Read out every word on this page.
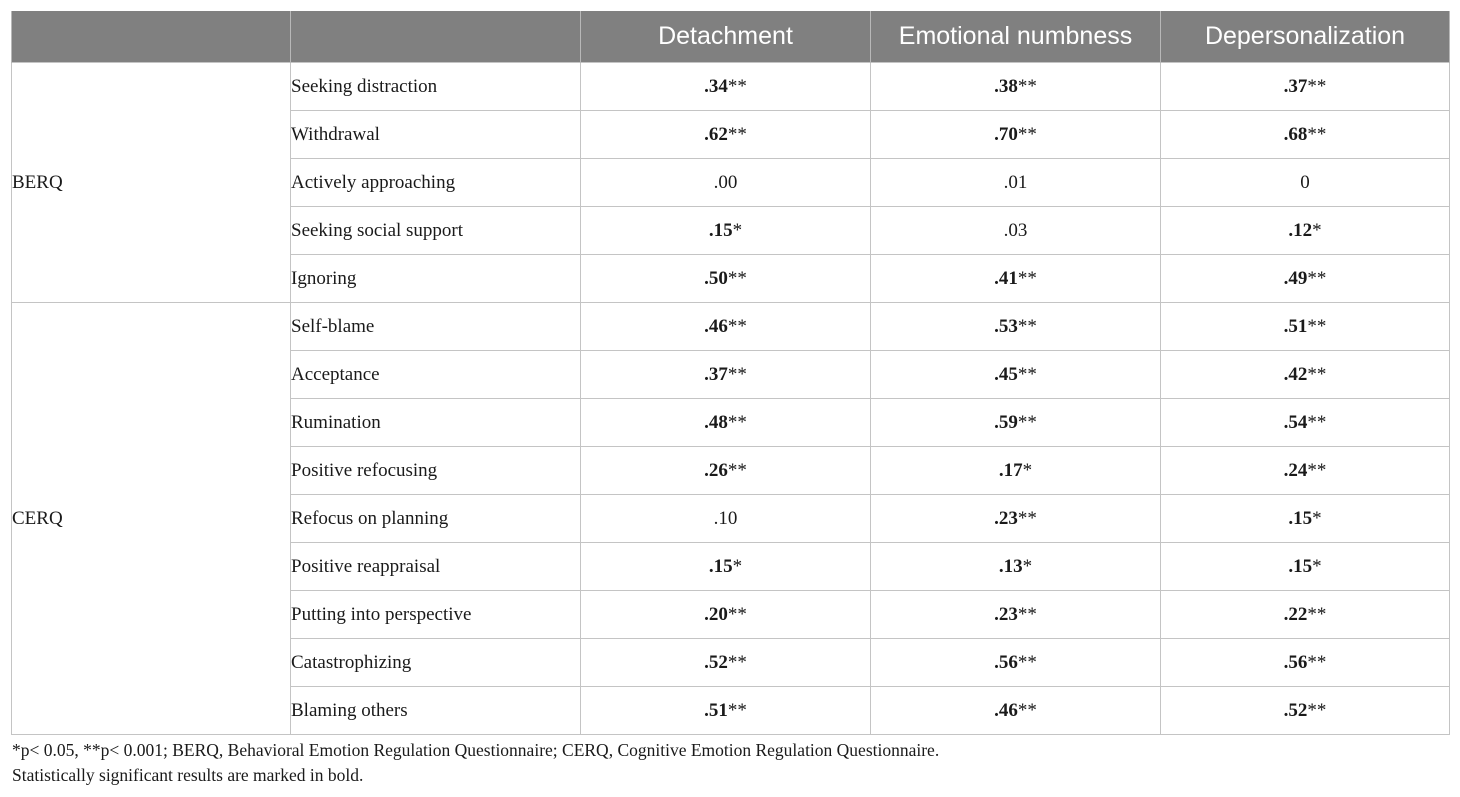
		Detachment	Emotional numbness	Depersonalization
BERQ	Seeking distraction	.34**	.38**	.37**
	Withdrawal	.62**	.70**	.68**
	Actively approaching	.00	.01	0
	Seeking social support	.15*	.03	.12*
	Ignoring	.50**	.41**	.49**
CERQ	Self-blame	.46**	.53**	.51**
	Acceptance	.37**	.45**	.42**
	Rumination	.48**	.59**	.54**
	Positive refocusing	.26**	.17*	.24**
	Refocus on planning	.10	.23**	.15*
	Positive reappraisal	.15*	.13*	.15*
	Putting into perspective	.20**	.23**	.22**
	Catastrophizing	.52**	.56**	.56**
	Blaming others	.51**	.46**	.52**
*p< 0.05, **p< 0.001; BERQ, Behavioral Emotion Regulation Questionnaire; CERQ, Cognitive Emotion Regulation Questionnaire.
Statistically significant results are marked in bold.
